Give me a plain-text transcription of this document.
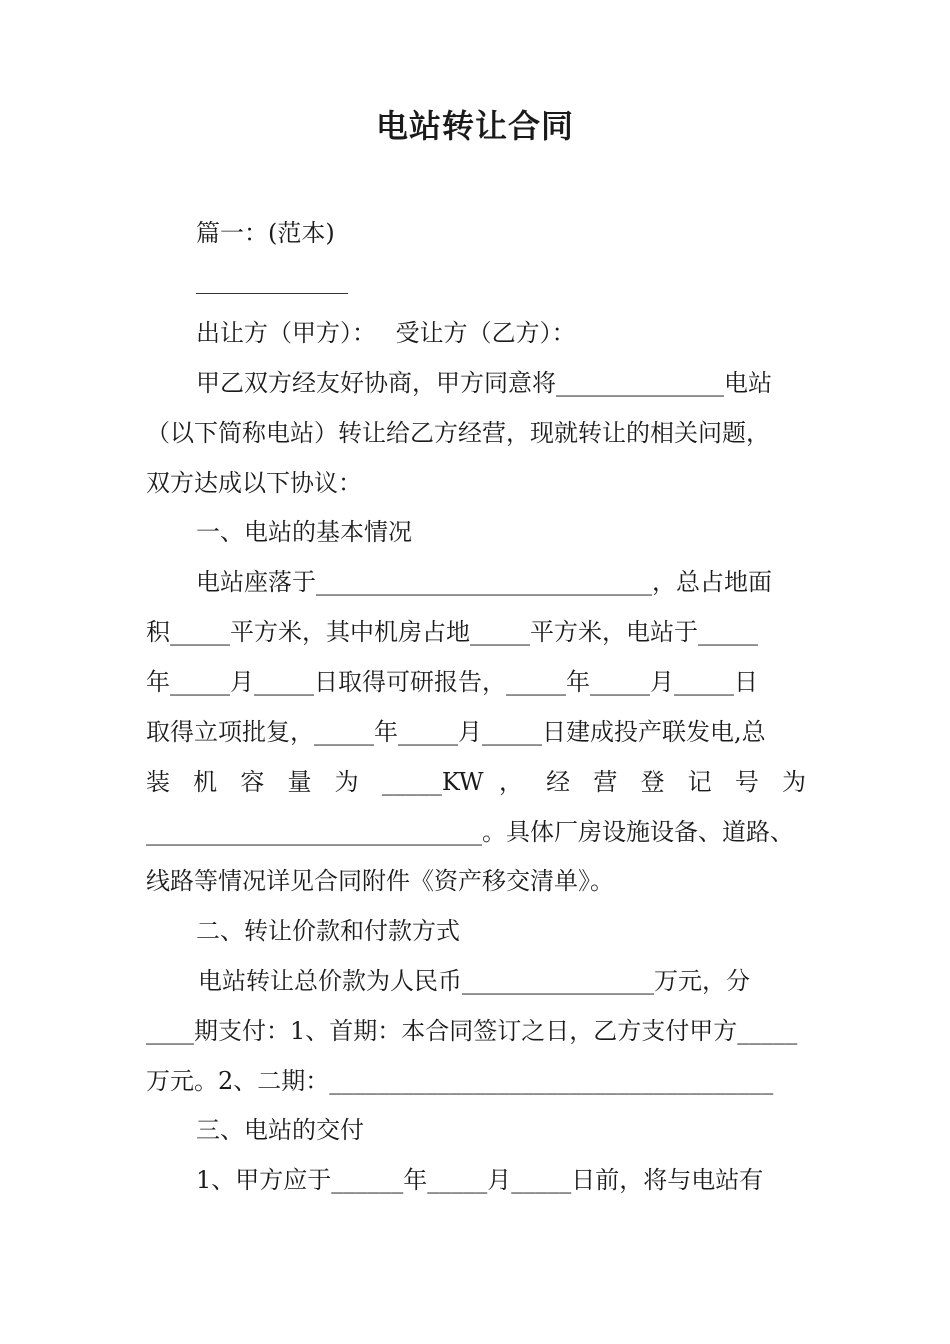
电站转让合同
篇一：(范本)
出让方（甲方）：　 受让方（乙方）：
甲乙双方经友好协商，甲方同意将______________电站
（以下简称电站）转让给乙方经营，现就转让的相关问题，
双方达成以下协议：
一、电站的基本情况
电站座落于____________________________，总占地面
积_____平方米，其中机房占地_____平方米，电站于_____
年_____月_____日取得可研报告，_____年_____月_____日
取得立项批复，_____年_____月_____日建成投产联发电,总
装 机 容 量 为 _____KW ， 经 营 登 记 号 为
____________________________。具体厂房设施设备、道路、
线路等情况详见合同附件《资产移交清单》。
二、转让价款和付款方式
电站转让总价款为人民币________________万元，分
____期支付：1、首期：本合同签订之日，乙方支付甲方_____
万元。2、二期：_____________________________________
三、电站的交付
1、甲方应于______年_____月_____日前，将与电站有
